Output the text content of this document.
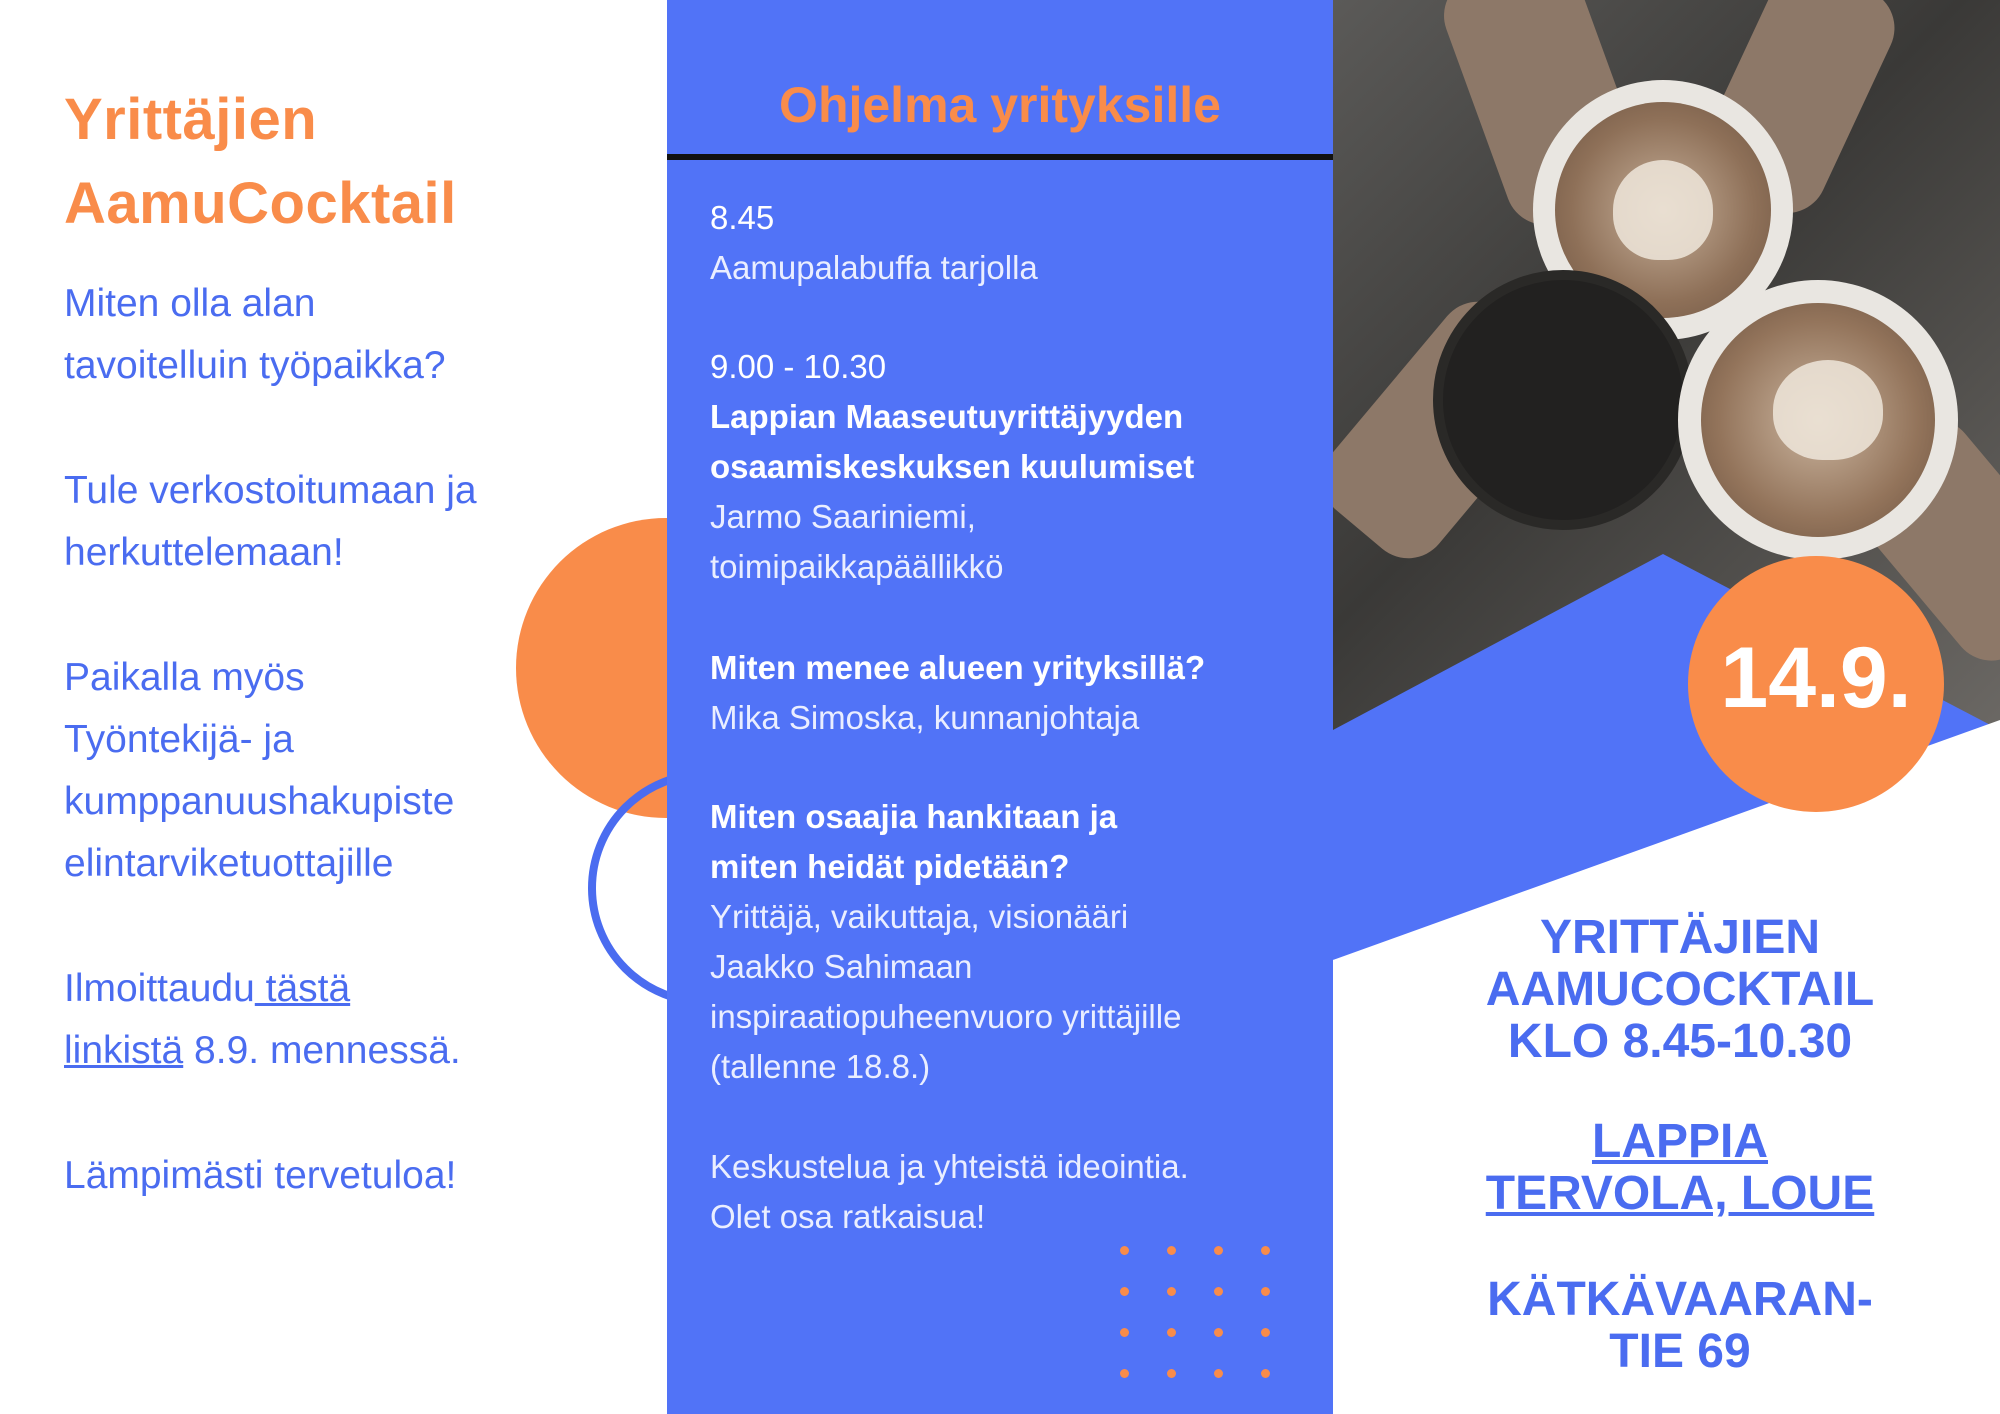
Yrittäjien
AamuCocktail
Miten olla alan
tavoitelluin työpaikka?
Tule verkostoitumaan ja
herkuttelemaan!
Paikalla myös
Työntekijä- ja
kumppanuushakupiste
elintarviketuottajille
Ilmoittaudu tästä
linkistä 8.9. mennessä.
Lämpimästi tervetuloa!
Ohjelma yrityksille
8.45
Aamupalabuffa tarjolla
9.00 - 10.30
Lappian Maaseutuyrittäjyyden
osaamiskeskuksen kuulumiset
Jarmo Saariniemi,
toimipaikkapäällikkö
Miten menee alueen yrityksillä?
Mika Simoska, kunnanjohtaja
Miten osaajia hankitaan ja
miten heidät pidetään?
Yrittäjä, vaikuttaja, visionääri
Jaakko Sahimaan
inspiraatiopuheenvuoro yrittäjille
(tallenne 18.8.)
Keskustelua ja yhteistä ideointia.
Olet osa ratkaisua!
14.9.
YRITTÄJIEN
AAMUCOCKTAIL
KLO 8.45-10.30
LAPPIA
TERVOLA, LOUE
KÄTKÄVAARAN-
TIE 69
